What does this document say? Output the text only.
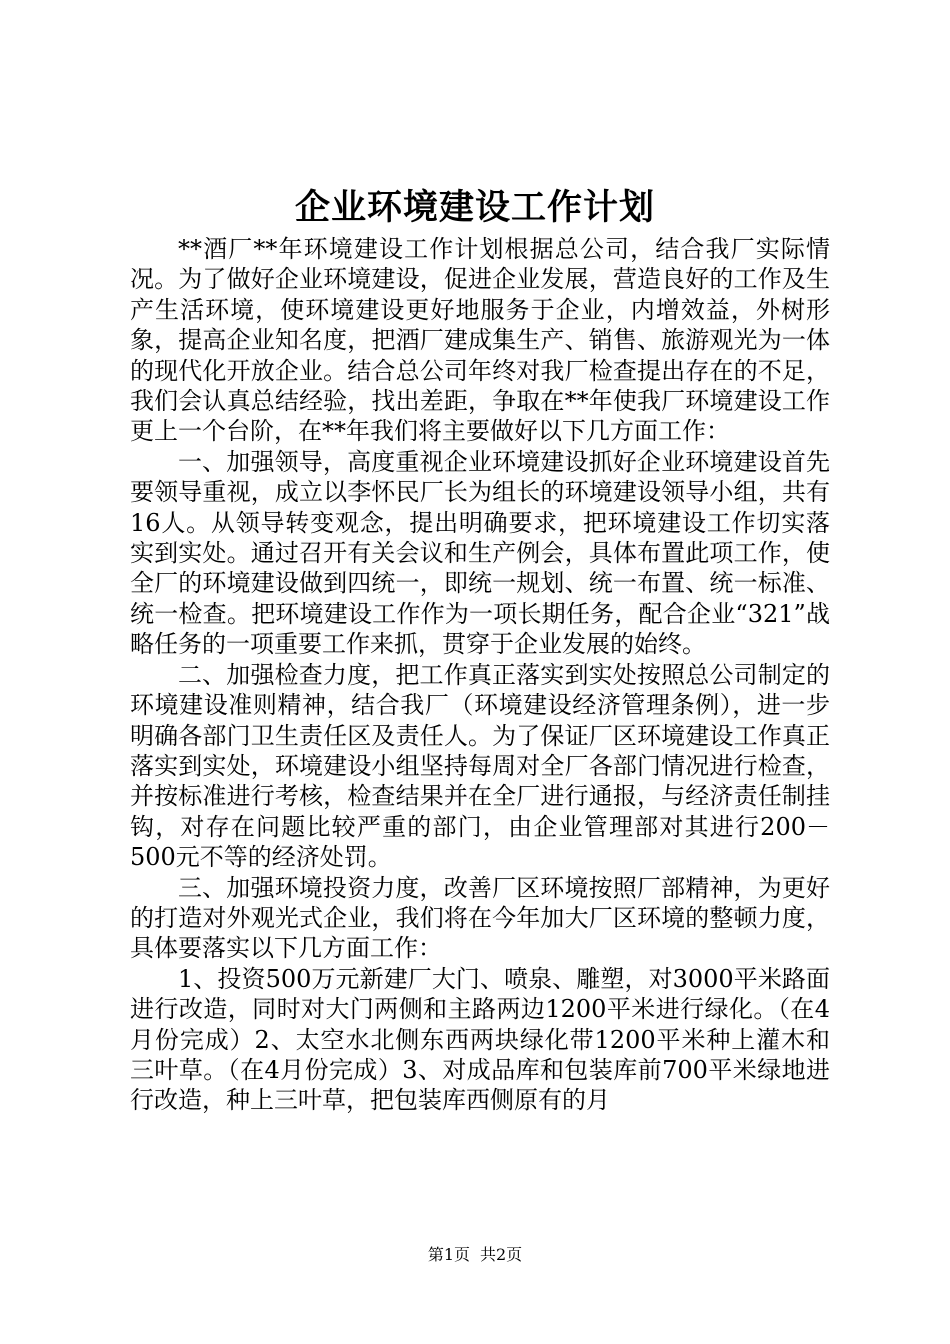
企业环境建设工作计划

**酒厂**年环境建设工作计划根据总公司，结合我厂实际情况。为了做好企业环境建设，促进企业发展，营造良好的工作及生产生活环境，使环境建设更好地服务于企业，内增效益，外树形象，提高企业知名度，把酒厂建成集生产、销售、旅游观光为一体的现代化开放企业。结合总公司年终对我厂检查提出存在的不足，我们会认真总结经验，找出差距，争取在**年使我厂环境建设工作更上一个台阶，在**年我们将主要做好以下几方面工作：

一、加强领导，高度重视企业环境建设抓好企业环境建设首先要领导重视，成立以李怀民厂长为组长的环境建设领导小组，共有16人。从领导转变观念，提出明确要求，把环境建设工作切实落实到实处。通过召开有关会议和生产例会，具体布置此项工作，使全厂的环境建设做到四统一，即统一规划、统一布置、统一标准、统一检查。把环境建设工作作为一项长期任务，配合企业“321”战略任务的一项重要工作来抓，贯穿于企业发展的始终。

二、加强检查力度，把工作真正落实到实处按照总公司制定的环境建设准则精神，结合我厂（环境建设经济管理条例），进一步明确各部门卫生责任区及责任人。为了保证厂区环境建设工作真正落实到实处，环境建设小组坚持每周对全厂各部门情况进行检查，并按标准进行考核，检查结果并在全厂进行通报，与经济责任制挂钩，对存在问题比较严重的部门，由企业管理部对其进行200－500元不等的经济处罚。

三、加强环境投资力度，改善厂区环境按照厂部精神，为更好的打造对外观光式企业，我们将在今年加大厂区环境的整顿力度，具体要落实以下几方面工作：

1、投资500万元新建厂大门、喷泉、雕塑，对3000平米路面进行改造，同时对大门两侧和主路两边1200平米进行绿化。（在4月份完成）2、太空水北侧东西两块绿化带1200平米种上灌木和三叶草。（在4月份完成）3、对成品库和包装库前700平米绿地进行改造，种上三叶草，把包装库西侧原有的月

第1页 共2页
